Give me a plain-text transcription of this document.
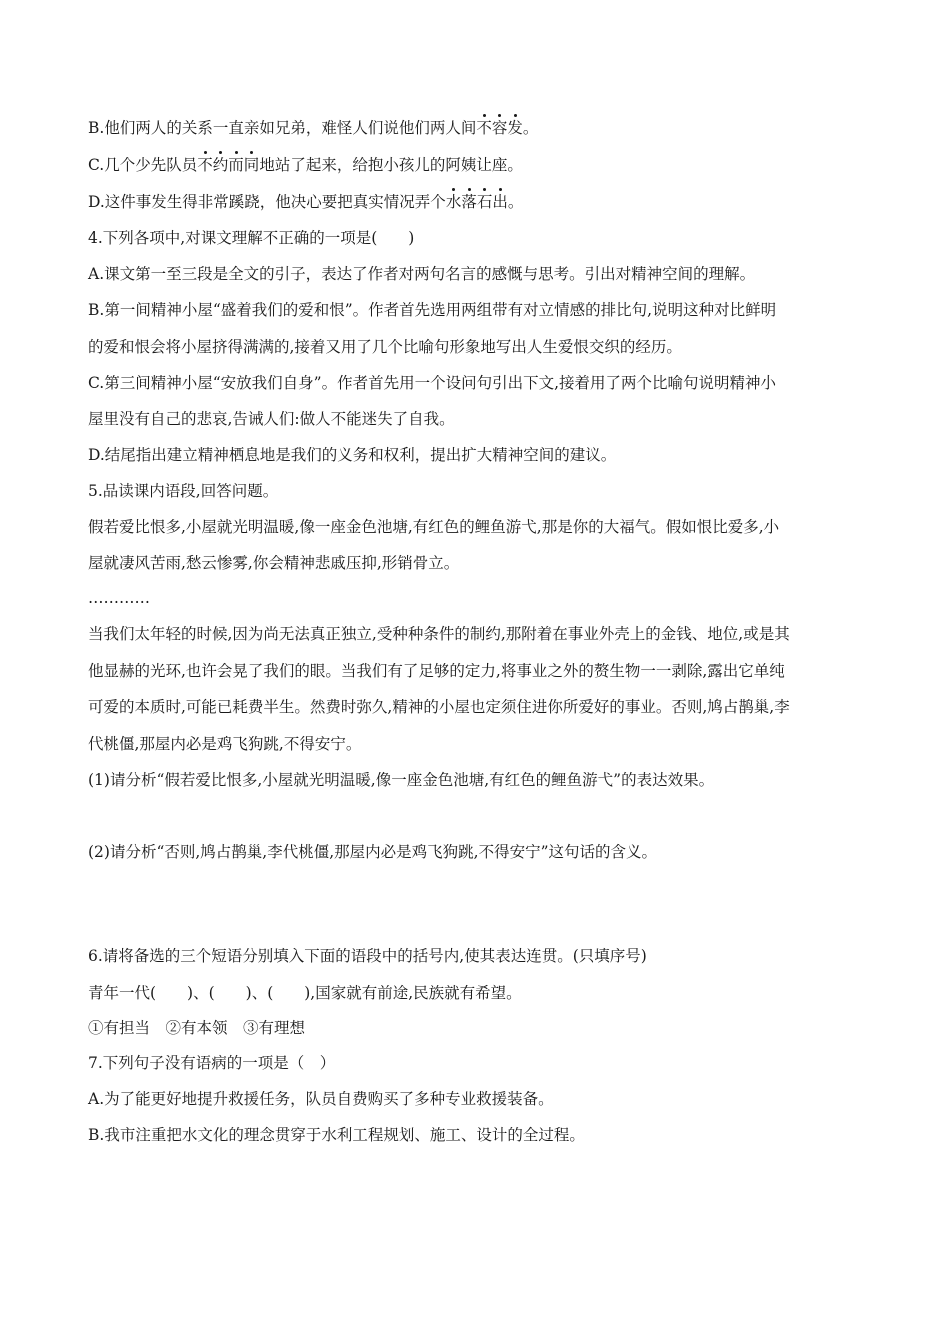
B.他们两人的关系一直亲如兄弟，难怪人们说他们两人间不容发。
C.几个少先队员不约而同地站了起来，给抱小孩儿的阿姨让座。
D.这件事发生得非常蹊跷，他决心要把真实情况弄个水落石出。
4.下列各项中,对课文理解不正确的一项是(　　)
A.课文第一至三段是全文的引子，表达了作者对两句名言的感慨与思考。引出对精神空间的理解。
B.第一间精神小屋“盛着我们的爱和恨”。作者首先选用两组带有对立情感的排比句,说明这种对比鲜明
的爱和恨会将小屋挤得满满的,接着又用了几个比喻句形象地写出人生爱恨交织的经历。
C.第三间精神小屋“安放我们自身”。作者首先用一个设问句引出下文,接着用了两个比喻句说明精神小
屋里没有自己的悲哀,告诫人们:做人不能迷失了自我。
D.结尾指出建立精神栖息地是我们的义务和权利，提出扩大精神空间的建议。
5.品读课内语段,回答问题。
假若爱比恨多,小屋就光明温暖,像一座金色池塘,有红色的鲤鱼游弋,那是你的大福气。假如恨比爱多,小
屋就凄风苦雨,愁云惨雾,你会精神悲戚压抑,形销骨立。
…………
当我们太年轻的时候,因为尚无法真正独立,受种种条件的制约,那附着在事业外壳上的金钱、地位,或是其
他显赫的光环,也许会晃了我们的眼。当我们有了足够的定力,将事业之外的赘生物一一剥除,露出它单纯
可爱的本质时,可能已耗费半生。然费时弥久,精神的小屋也定须住进你所爱好的事业。否则,鸠占鹊巢,李
代桃僵,那屋内必是鸡飞狗跳,不得安宁。
(1)请分析“假若爱比恨多,小屋就光明温暖,像一座金色池塘,有红色的鲤鱼游弋”的表达效果。
(2)请分析“否则,鸠占鹊巢,李代桃僵,那屋内必是鸡飞狗跳,不得安宁”这句话的含义。
6.请将备选的三个短语分别填入下面的语段中的括号内,使其表达连贯。(只填序号)
青年一代(　　)、(　　)、(　　),国家就有前途,民族就有希望。
①有担当　②有本领　③有理想
7.下列句子没有语病的一项是（　）
A.为了能更好地提升救援任务，队员自费购买了多种专业救援装备。
B.我市注重把水文化的理念贯穿于水利工程规划、施工、设计的全过程。
